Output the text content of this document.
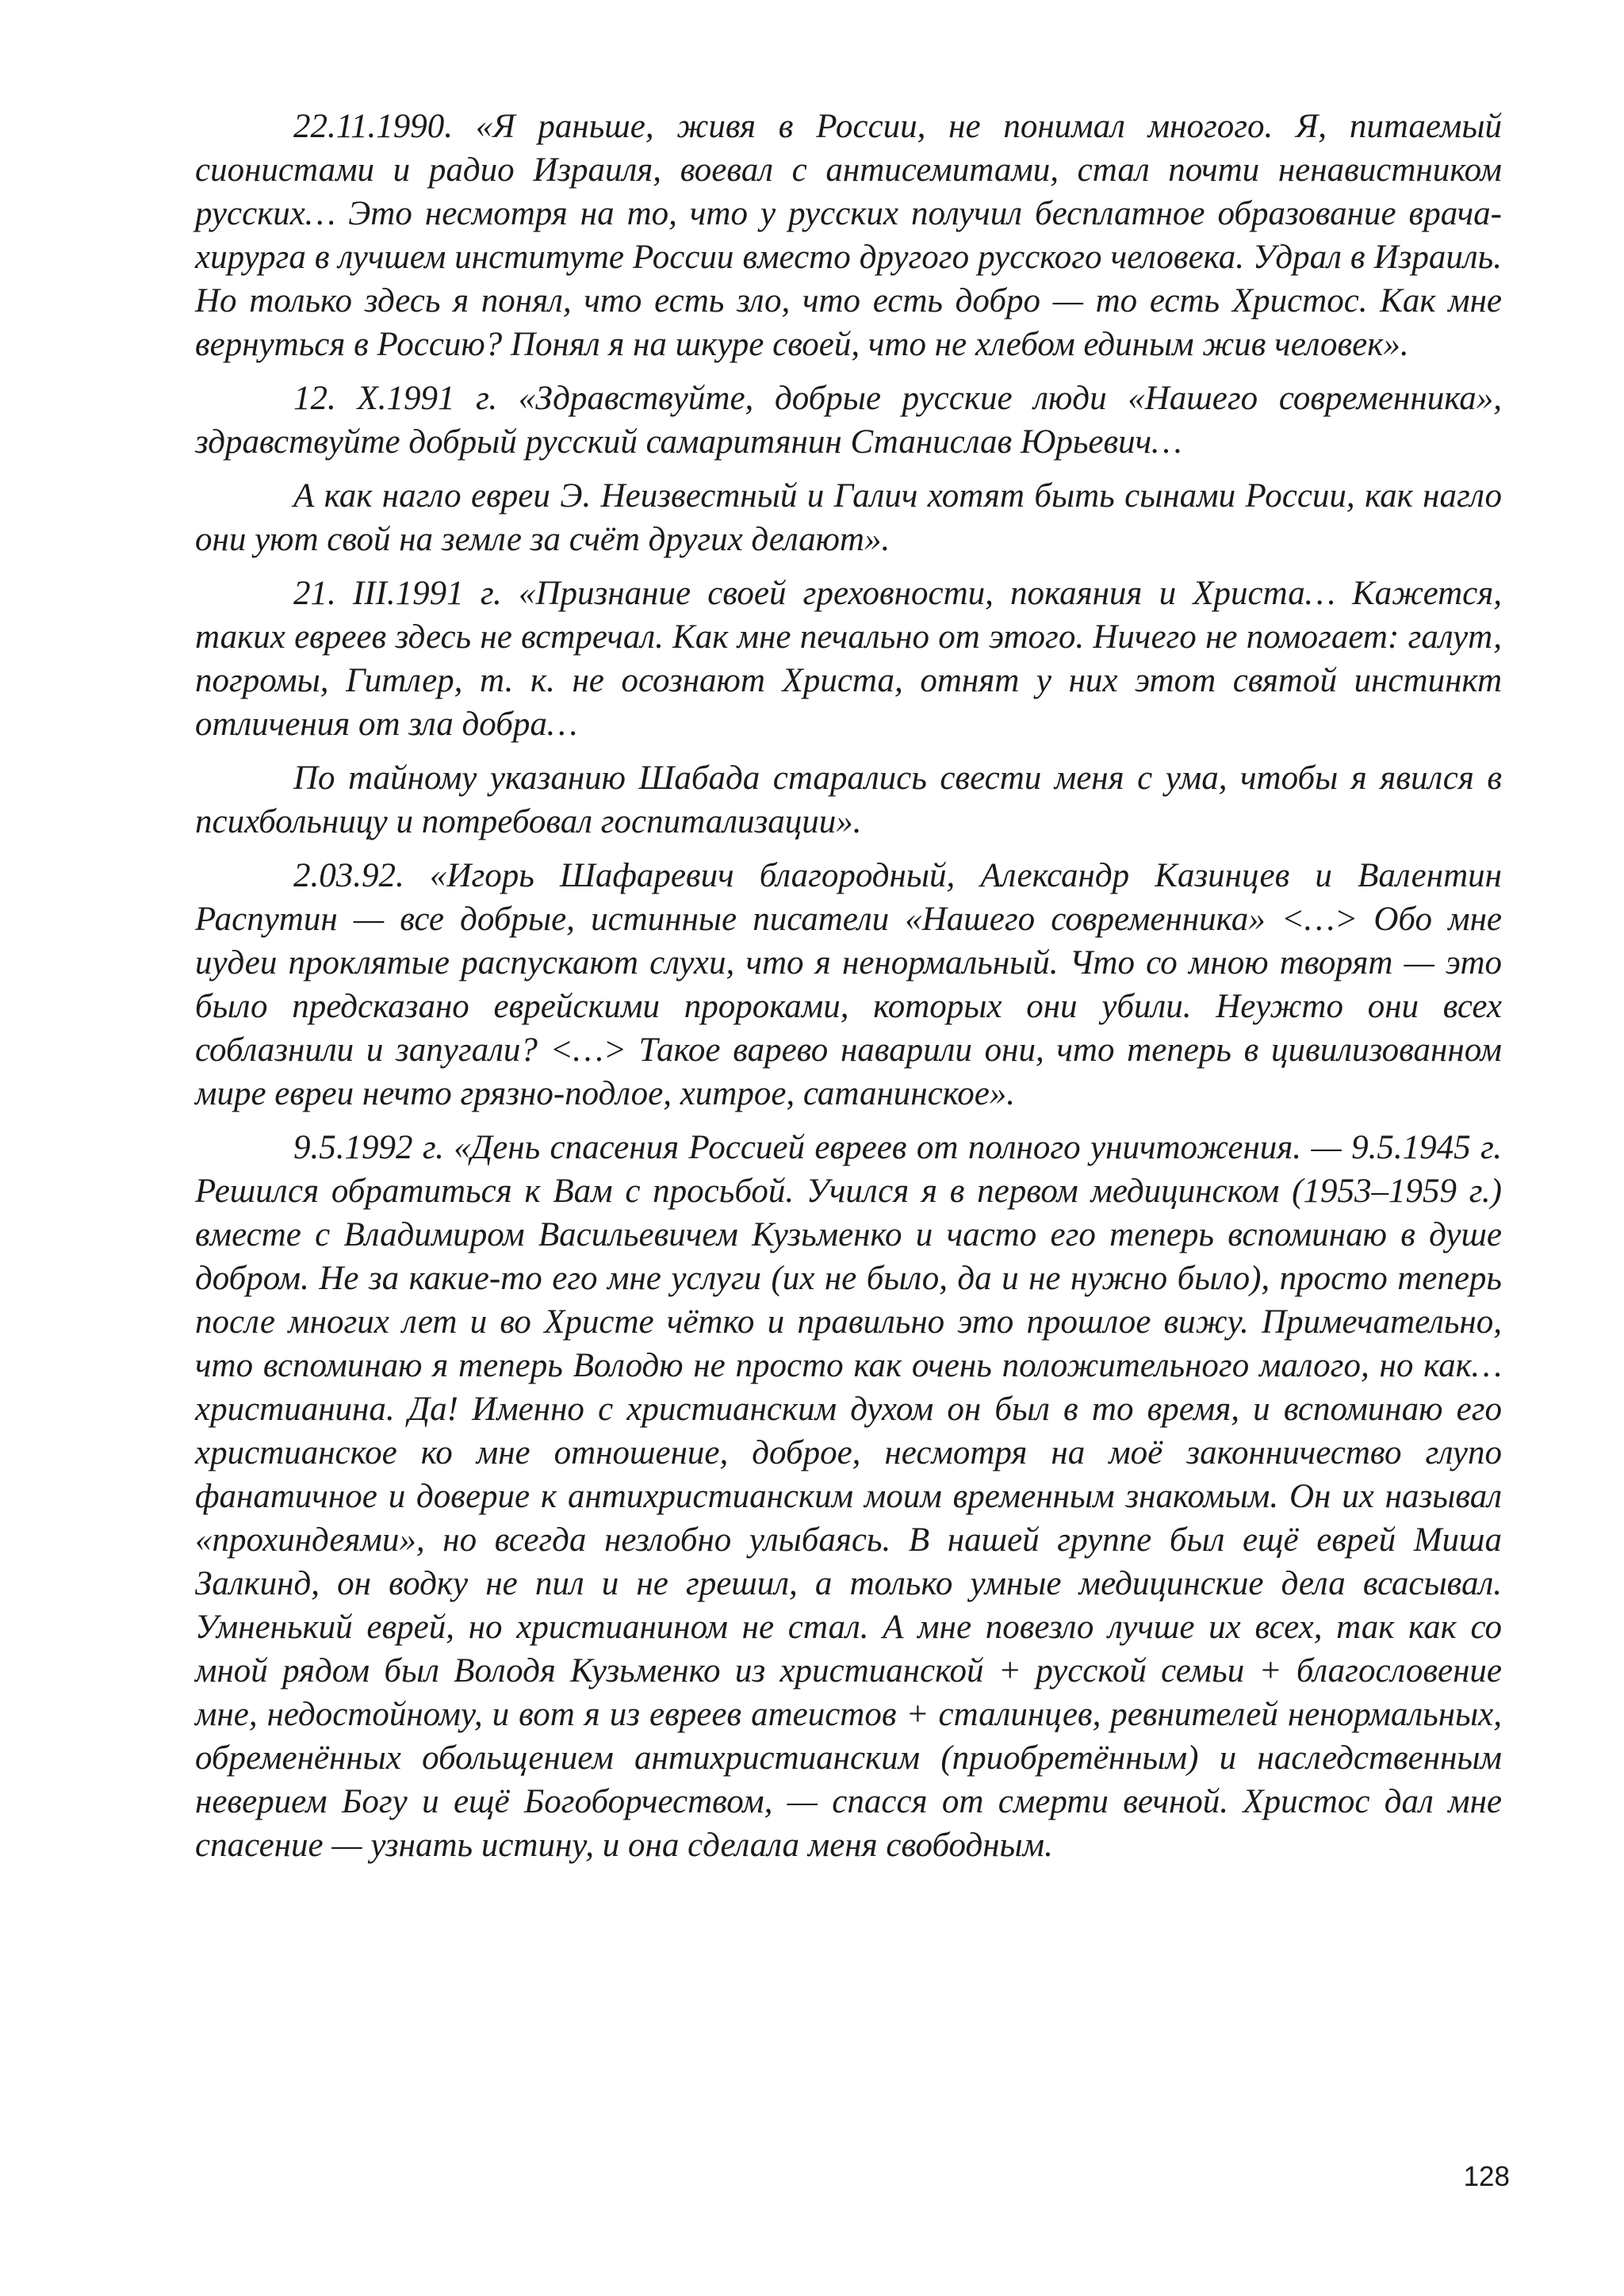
22.11.1990. «Я раньше, живя в России, не понимал многого. Я, питаемый сионистами и радио Израиля, воевал с антисемитами, стал почти ненавистником русских… Это несмотря на то, что у русских получил бесплатное образование врача-хирурга в лучшем институте России вместо другого русского человека. Удрал в Израиль. Но только здесь я понял, что есть зло, что есть добро — то есть Христос. Как мне вернуться в Россию? Понял я на шкуре своей, что не хлебом единым жив человек».

12. X.1991 г. «Здравствуйте, добрые русские люди «Нашего современника», здравствуйте добрый русский самаритянин Станислав Юрьевич…

А как нагло евреи Э. Неизвестный и Галич хотят быть сынами России, как нагло они уют свой на земле за счёт других делают».

21. III.1991 г. «Признание своей греховности, покаяния и Христа… Кажется, таких евреев здесь не встречал. Как мне печально от этого. Ничего не помогает: галут, погромы, Гитлер, т. к. не осознают Христа, отнят у них этот святой инстинкт отличения от зла добра…

По тайному указанию Шабада старались свести меня с ума, чтобы я явился в психбольницу и потребовал госпитализации».

2.03.92. «Игорь Шафаревич благородный, Александр Казинцев и Валентин Распутин — все добрые, истинные писатели «Нашего современника» <…> Обо мне иудеи проклятые распускают слухи, что я ненормальный. Что со мною творят — это было предсказано еврейскими пророками, которых они убили. Неужто они всех соблазнили и запугали? <…> Такое варево наварили они, что теперь в цивилизованном мире евреи нечто грязно-подлое, хитрое, сатанинское».

9.5.1992 г. «День спасения Россией евреев от полного уничтожения. — 9.5.1945 г. Решился обратиться к Вам с просьбой. Учился я в первом медицинском (1953–1959 г.) вместе с Владимиром Васильевичем Кузьменко и часто его теперь вспоминаю в душе добром. Не за какие-то его мне услуги (их не было, да и не нужно было), просто теперь после многих лет и во Христе чётко и правильно это прошлое вижу. Примечательно, что вспоминаю я теперь Володю не просто как очень положительного малого, но как… христианина. Да! Именно с христианским духом он был в то время, и вспоминаю его христианское ко мне отношение, доброе, несмотря на моё законничество глупо фанатичное и доверие к антихристианским моим временным знакомым. Он их называл «прохиндеями», но всегда незлобно улыбаясь. В нашей группе был ещё еврей Миша Залкинд, он водку не пил и не грешил, а только умные медицинские дела всасывал. Умненький еврей, но христианином не стал. А мне повезло лучше их всех, так как со мной рядом был Володя Кузьменко из христианской + русской семьи + благословение мне, недостойному, и вот я из евреев атеистов + сталинцев, ревнителей ненормальных, обременённых обольщением антихристианским (приобретённым) и наследственным неверием Богу и ещё Богоборчеством, — спасся от смерти вечной. Христос дал мне спасение — узнать истину, и она сделала меня свободным.

128
